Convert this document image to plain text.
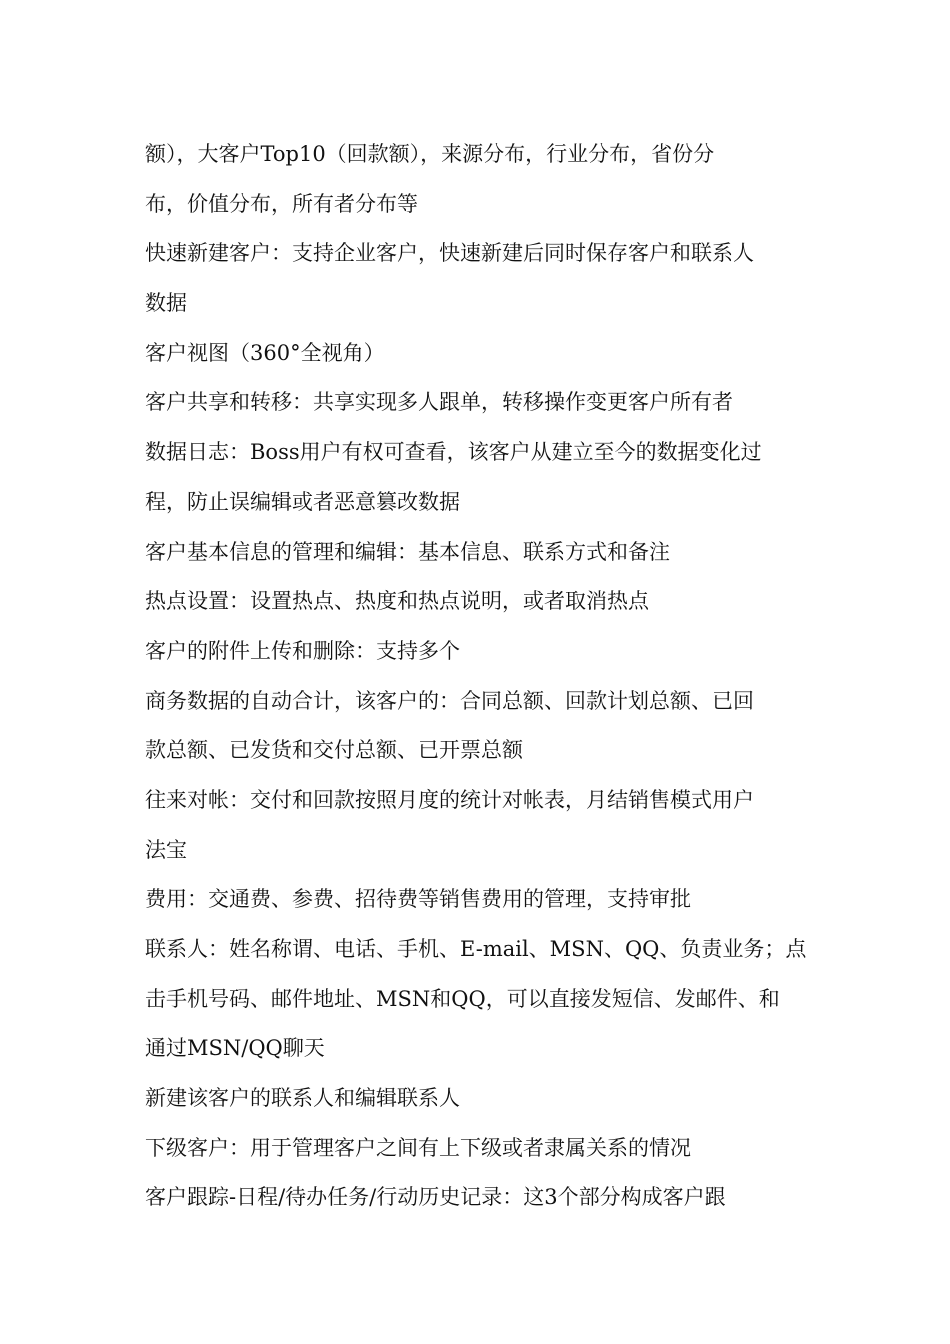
额），大客户Top10（回款额），来源分布，行业分布，省份分
布，价值分布，所有者分布等
快速新建客户：支持企业客户，快速新建后同时保存客户和联系人
数据
客户视图（360°全视角）
客户共享和转移：共享实现多人跟单，转移操作变更客户所有者
数据日志：Boss用户有权可查看，该客户从建立至今的数据变化过
程，防止误编辑或者恶意篡改数据
客户基本信息的管理和编辑：基本信息、联系方式和备注
热点设置：设置热点、热度和热点说明，或者取消热点
客户的附件上传和删除：支持多个
商务数据的自动合计，该客户的：合同总额、回款计划总额、已回
款总额、已发货和交付总额、已开票总额
往来对帐：交付和回款按照月度的统计对帐表，月结销售模式用户
法宝
费用：交通费、参费、招待费等销售费用的管理，支持审批
联系人：姓名称谓、电话、手机、E-mail、MSN、QQ、负责业务；点
击手机号码、邮件地址、MSN和QQ，可以直接发短信、发邮件、和
通过MSN/QQ聊天
新建该客户的联系人和编辑联系人
下级客户：用于管理客户之间有上下级或者隶属关系的情况
客户跟踪-日程/待办任务/行动历史记录：这3个部分构成客户跟
